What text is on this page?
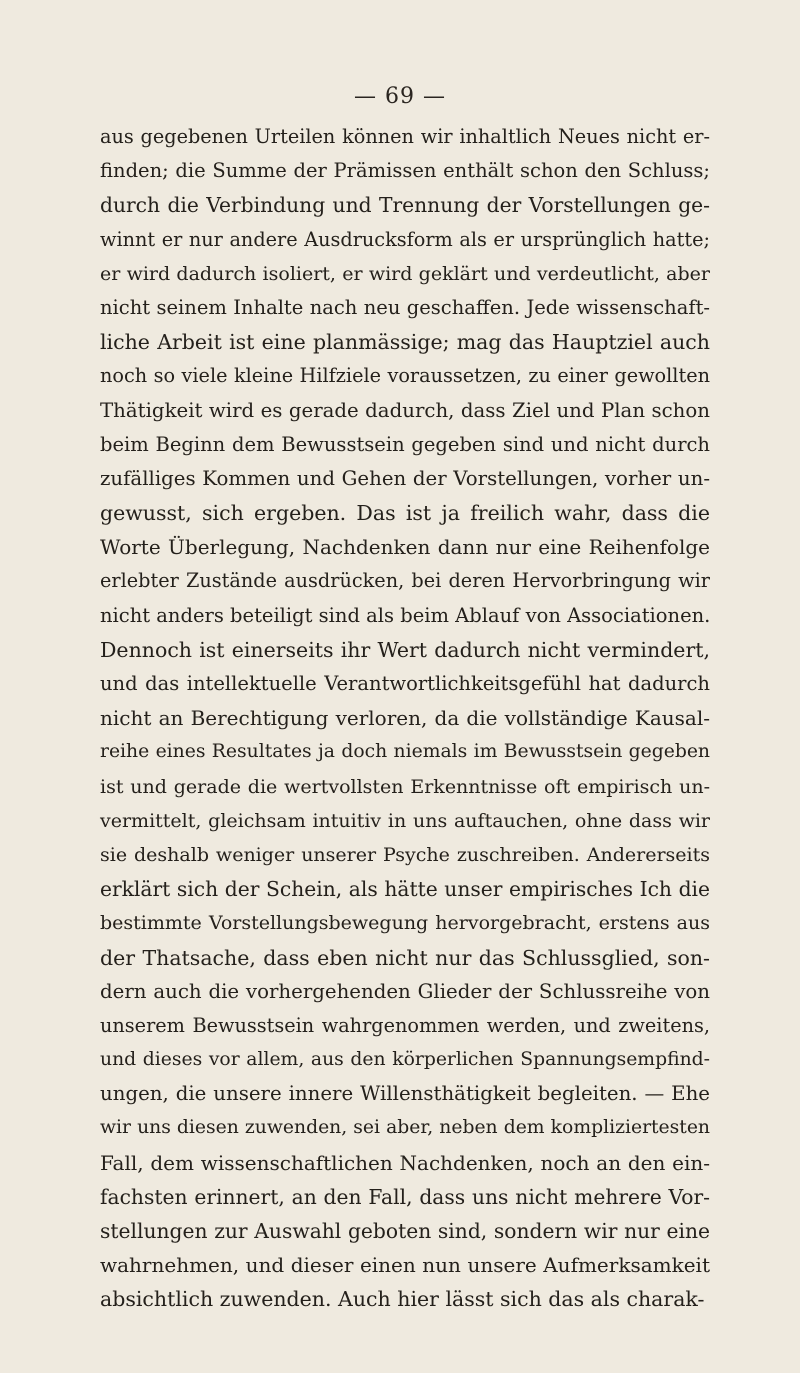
— 69 —
aus gegebenen Urteilen können wir inhaltlich Neues nicht er-
finden; die Summe der Prämissen enthält schon den Schluss;
durch die Verbindung und Trennung der Vorstellungen ge-
winnt er nur andere Ausdrucksform als er ursprünglich hatte;
er wird dadurch isoliert, er wird geklärt und verdeutlicht, aber
nicht seinem Inhalte nach neu geschaffen. Jede wissenschaft-
liche Arbeit ist eine planmässige; mag das Hauptziel auch
noch so viele kleine Hilfziele voraussetzen, zu einer gewollten
Thätigkeit wird es gerade dadurch, dass Ziel und Plan schon
beim Beginn dem Bewusstsein gegeben sind und nicht durch
zufälliges Kommen und Gehen der Vorstellungen, vorher un-
gewusst, sich ergeben. Das ist ja freilich wahr, dass die
Worte Überlegung, Nachdenken dann nur eine Reihenfolge
erlebter Zustände ausdrücken, bei deren Hervorbringung wir
nicht anders beteiligt sind als beim Ablauf von Associationen.
Dennoch ist einerseits ihr Wert dadurch nicht vermindert,
und das intellektuelle Verantwortlichkeitsgefühl hat dadurch
nicht an Berechtigung verloren, da die vollständige Kausal-
reihe eines Resultates ja doch niemals im Bewusstsein gegeben
ist und gerade die wertvollsten Erkenntnisse oft empirisch un-
vermittelt, gleichsam intuitiv in uns auftauchen, ohne dass wir
sie deshalb weniger unserer Psyche zuschreiben. Andererseits
erklärt sich der Schein, als hätte unser empirisches Ich die
bestimmte Vorstellungsbewegung hervorgebracht, erstens aus
der Thatsache, dass eben nicht nur das Schlussglied, son-
dern auch die vorhergehenden Glieder der Schlussreihe von
unserem Bewusstsein wahrgenommen werden, und zweitens,
und dieses vor allem, aus den körperlichen Spannungsempfind-
ungen, die unsere innere Willensthätigkeit begleiten. — Ehe
wir uns diesen zuwenden, sei aber, neben dem kompliziertesten
Fall, dem wissenschaftlichen Nachdenken, noch an den ein-
fachsten erinnert, an den Fall, dass uns nicht mehrere Vor-
stellungen zur Auswahl geboten sind, sondern wir nur eine
wahrnehmen, und dieser einen nun unsere Aufmerksamkeit
absichtlich zuwenden. Auch hier lässt sich das als charak-
